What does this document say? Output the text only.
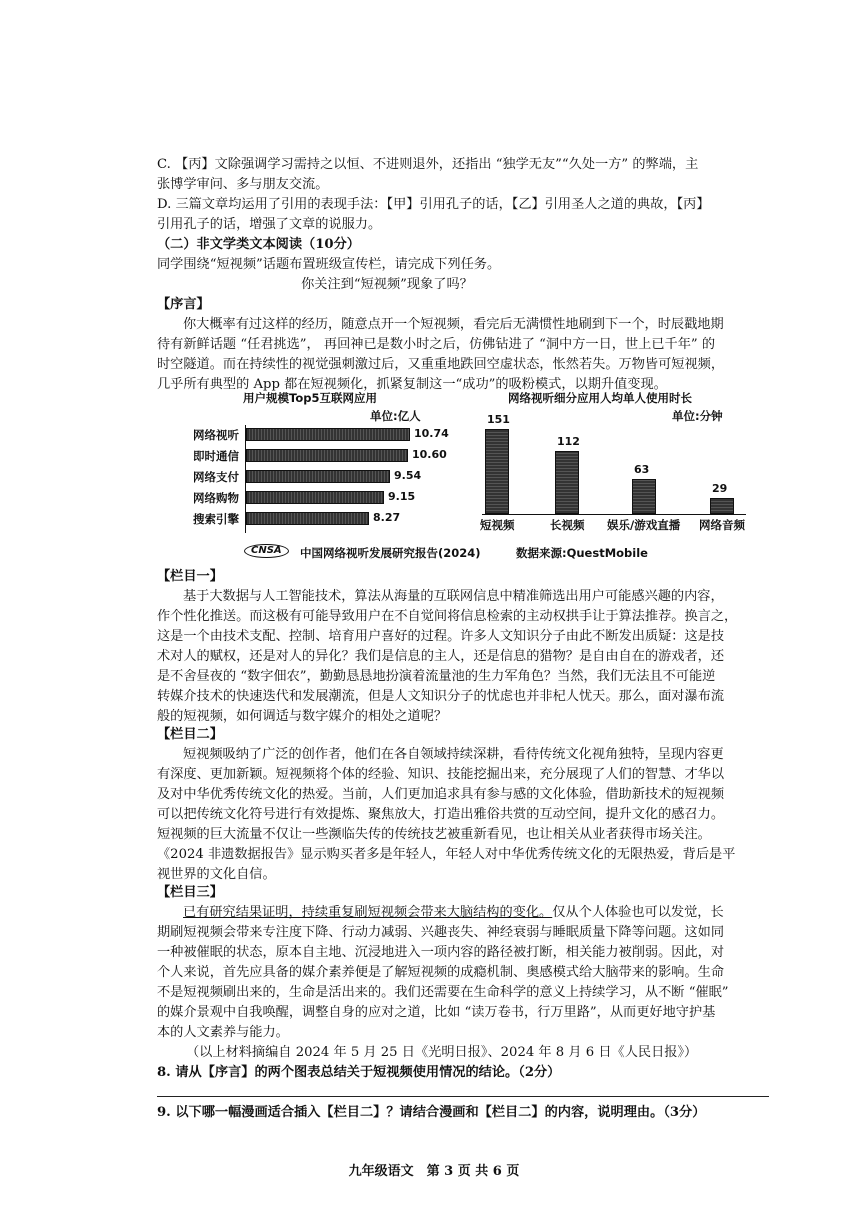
C. 【丙】文除强调学习需持之以恒、不进则退外，还指出 “独学无友”“久处一方” 的弊端，主
张博学审问、多与朋友交流。
D. 三篇文章均运用了引用的表现手法：【甲】引用孔子的话，【乙】引用圣人之道的典故，【丙】
引用孔子的话，增强了文章的说服力。
（二）非文学类文本阅读（10分）
同学围绕“短视频”话题布置班级宣传栏，请完成下列任务。
你关注到“短视频”现象了吗？
【序言】
你大概率有过这样的经历，随意点开一个短视频，看完后无满惯性地刷到下一个，时辰戳地期
待有新鲜话题 “任君挑选”， 再回神已是数小时之后，仿佛钻进了 “洞中方一日，世上已千年” 的
时空隧道。而在持续性的视觉强刺激过后，又重重地跌回空虚状态，怅然若失。万物皆可短视频，
几乎所有典型的 App 都在短视频化，抓紧复制这一“成功”的吸粉模式，以期升值变现。
用户规模Top5互联网应用
单位:亿人
网络视听	10.74
即时通信	10.60
网络支付	9.54
网络购物	9.15
搜索引擎	8.27
CNSA	中国网络视听发展研究报告(2024)
网络视听细分应用人均单人使用时长
单位:分钟
151
短视频
112
长视频
63
娱乐/游戏直播
29
网络音频
数据来源:QuestMobile
【栏目一】
基于大数据与人工智能技术，算法从海量的互联网信息中精准筛选出用户可能感兴趣的内容，
作个性化推送。而这极有可能导致用户在不自觉间将信息检索的主动权拱手让于算法推荐。换言之，
这是一个由技术支配、控制、培育用户喜好的过程。许多人文知识分子由此不断发出质疑：这是技
术对人的赋权，还是对人的异化？我们是信息的主人，还是信息的猎物？是自由自在的游戏者，还
是不舍昼夜的 “数字佃农”，勤勤恳恳地扮演着流量池的生力军角色？当然，我们无法且不可能逆
转媒介技术的快速迭代和发展潮流，但是人文知识分子的忧虑也并非杞人忧天。那么，面对瀑布流
般的短视频，如何调适与数字媒介的相处之道呢？
【栏目二】
短视频吸纳了广泛的创作者，他们在各自领域持续深耕，看待传统文化视角独特，呈现内容更
有深度、更加新颖。短视频将个体的经验、知识、技能挖掘出来，充分展现了人们的智慧、才华以
及对中华优秀传统文化的热爱。当前，人们更加追求具有参与感的文化体验，借助新技术的短视频
可以把传统文化符号进行有效提炼、聚焦放大，打造出雅俗共赏的互动空间，提升文化的感召力。
短视频的巨大流量不仅让一些濒临失传的传统技艺被重新看见，也让相关从业者获得市场关注。
《2024 非遗数据报告》显示购买者多是年轻人，年轻人对中华优秀传统文化的无限热爱，背后是平
视世界的文化自信。
【栏目三】
已有研究结果证明，持续重复刷短视频会带来大脑结构的变化。仅从个人体验也可以发觉，长
期刷短视频会带来专注度下降、行动力减弱、兴趣丧失、神经衰弱与睡眠质量下降等问题。这如同
一种被催眠的状态，原本自主地、沉浸地进入一项内容的路径被打断，相关能力被削弱。因此，对
个人来说，首先应具备的媒介素养便是了解短视频的成瘾机制、奥感模式给大脑带来的影响。生命
不是短视频刷出来的，生命是活出来的。我们还需要在生命科学的意义上持续学习，从不断 “催眠”
的媒介景观中自我唤醒，调整自身的应对之道，比如 “读万卷书，行万里路”，从而更好地守护基
本的人文素养与能力。
（以上材料摘编自 2024 年 5 月 25 日《光明日报》、2024 年 8 月 6 日《人民日报》）
8. 请从【序言】的两个图表总结关于短视频使用情况的结论。（2分）
9. 以下哪一幅漫画适合插入【栏目二】？请结合漫画和【栏目二】的内容，说明理由。（3分）
九年级语文　第 3 页 共 6 页
